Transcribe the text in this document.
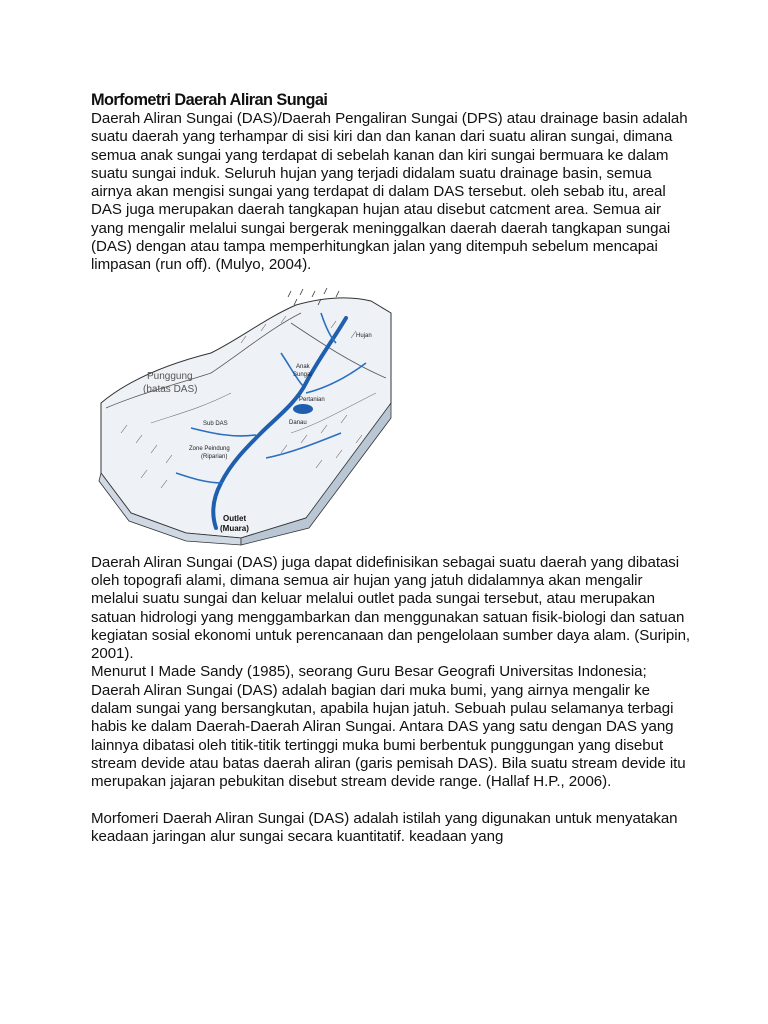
Morfometri Daerah Aliran Sungai

Daerah Aliran Sungai (DAS)/Daerah Pengaliran Sungai (DPS) atau drainage basin adalah suatu daerah yang terhampar di sisi kiri dan dan kanan dari suatu aliran sungai, dimana semua anak sungai yang terdapat di sebelah kanan dan kiri sungai bermuara ke dalam suatu sungai induk. Seluruh hujan yang terjadi didalam suatu drainage basin, semua airnya akan mengisi sungai yang terdapat di dalam DAS tersebut. oleh sebab itu, areal DAS juga merupakan daerah tangkapan hujan atau disebut catcment area. Semua air yang mengalir melalui sungai bergerak meninggalkan daerah daerah tangkapan sungai (DAS) dengan atau tampa memperhitungkan jalan yang ditempuh sebelum mencapai limpasan (run off). (Mulyo, 2004).

Hujan
Punggung
(batas DAS)
Anak
Sungai
Pertanian
Sub DAS	Danau
Zone Peindung
(Riparian)
Outlet
(Muara)

Daerah Aliran Sungai (DAS) juga dapat didefinisikan sebagai suatu daerah yang dibatasi oleh topografi alami, dimana semua air hujan yang jatuh didalamnya akan mengalir melalui suatu sungai dan keluar melalui outlet pada sungai tersebut, atau merupakan satuan hidrologi yang menggambarkan dan menggunakan satuan fisik-biologi dan satuan kegiatan sosial ekonomi untuk perencanaan dan pengelolaan sumber daya alam. (Suripin, 2001).

Menurut I Made Sandy (1985), seorang Guru Besar Geografi Universitas Indonesia; Daerah Aliran Sungai (DAS) adalah bagian dari muka bumi, yang airnya mengalir ke dalam sungai yang bersangkutan, apabila hujan jatuh. Sebuah pulau selamanya terbagi habis ke dalam Daerah-Daerah Aliran Sungai. Antara DAS yang satu dengan DAS yang lainnya dibatasi oleh titik-titik tertinggi muka bumi berbentuk punggungan yang disebut stream devide atau batas daerah aliran (garis pemisah DAS). Bila suatu stream devide itu merupakan jajaran pebukitan disebut stream devide range. (Hallaf H.P., 2006).

Morfomeri Daerah Aliran Sungai (DAS) adalah istilah yang digunakan untuk menyatakan keadaan jaringan alur sungai secara kuantitatif. keadaan yang
